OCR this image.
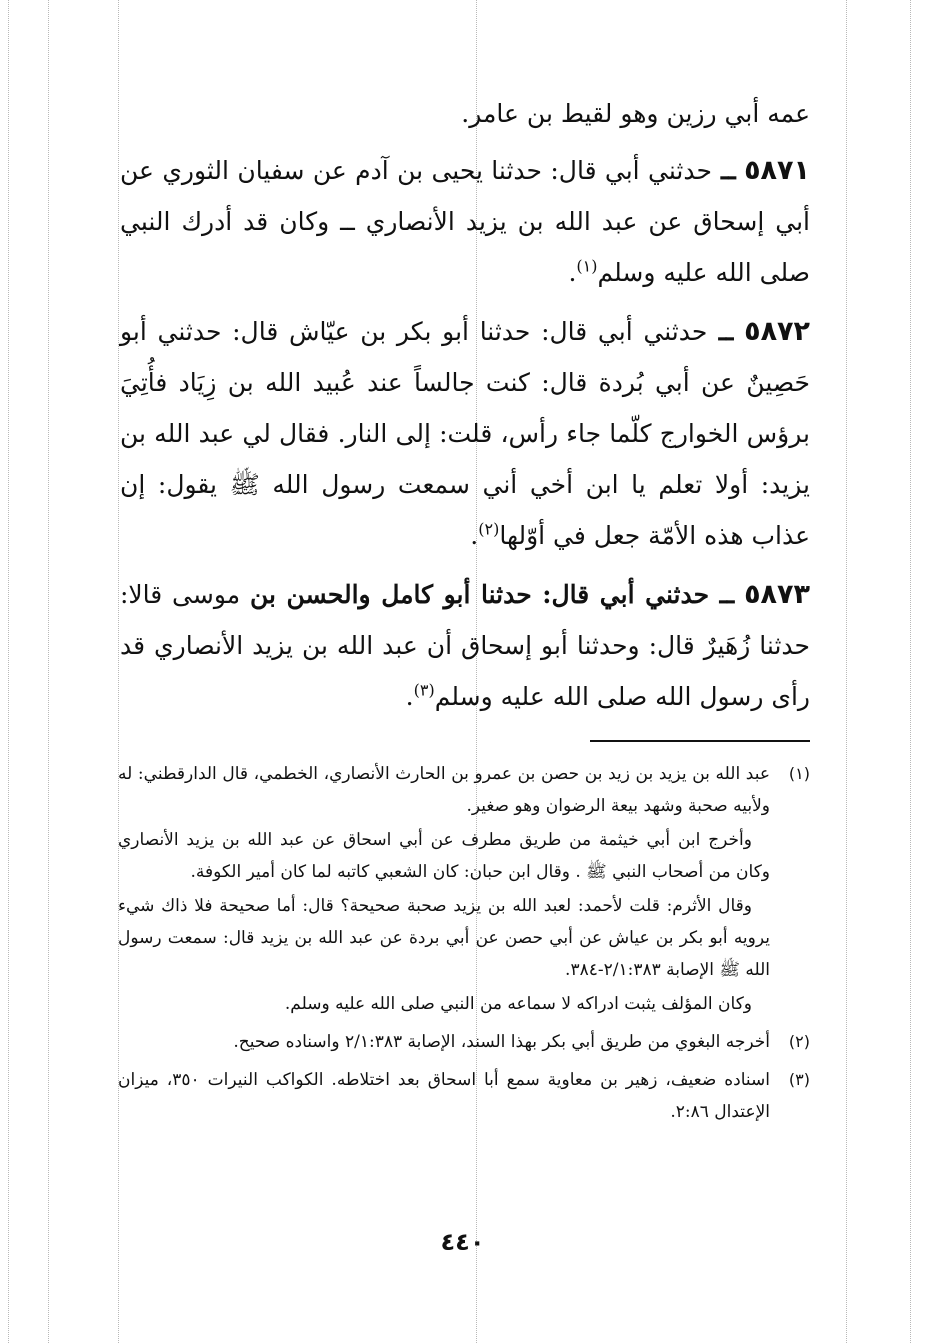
عمه أبي رزين وهو لقيط بن عامر.

٥٨٧١ ــ حدثني أبي قال: حدثنا يحيى بن آدم عن سفيان الثوري عن أبي إسحاق عن عبد الله بن يزيد الأنصاري ــ وكان قد أدرك النبي صلى الله عليه وسلم$^{(١)}$.

٥٨٧٢ ــ حدثني أبي قال: حدثنا أبو بكر بن عيّاش قال: حدثني أبو حَصِينٌ عن أبي بُردة قال: كنت جالساً عند عُبيد الله بن زِيَاد فأُتِيَ برؤس الخوارج كلّما جاء رأس، قلت: إلى النار. فقال لي عبد الله بن يزيد: أولا تعلم يا ابن أخي أني سمعت رسول الله ﷺ يقول: إن عذاب هذه الأمّة جعل في أوّلها$^{(٢)}$.

٥٨٧٣ ــ حدثني أبي قال: حدثنا أبو كامل والحسن بن موسى قالا: حدثنا زُهَيرٌ قال: وحدثنا أبو إسحاق أن عبد الله بن يزيد الأنصاري قد رأى رسول الله صلى الله عليه وسلم$^{(٣)}$.

(١)

عبد الله بن يزيد بن زيد بن حصن بن عمرو بن الحارث الأنصاري، الخطمي، قال الدارقطني: له ولأبيه صحبة وشهد بيعة الرضوان وهو صغير.

وأخرج ابن أبي خيثمة من طريق مطرف عن أبي اسحاق عن عبد الله بن يزيد الأنصاري وكان من أصحاب النبي ﷺ . وقال ابن حبان: كان الشعبي كاتبه لما كان أمير الكوفة.

وقال الأثرم: قلت لأحمد: لعبد الله بن يزيد صحبة صحيحة؟ قال: أما صحيحة فلا ذاك شيء يرويه أبو بكر بن عياش عن أبي حصن عن أبي بردة عن عبد الله بن يزيد قال: سمعت رسول الله ﷺ الإصابة ٢/١:٣٨٣-٣٨٤.

وكان المؤلف يثبت ادراكه لا سماعه من النبي صلى الله عليه وسلم.

(٢)

أخرجه البغوي من طريق أبي بكر بهذا السند، الإصابة ٢/١:٣٨٣ واسناده صحيح.

(٣)

اسناده ضعيف، زهير بن معاوية سمع أبا اسحاق بعد اختلاطه. الكواكب النيرات ٣٥٠، ميزان الإعتدال ٢:٨٦.

٤٤٠
